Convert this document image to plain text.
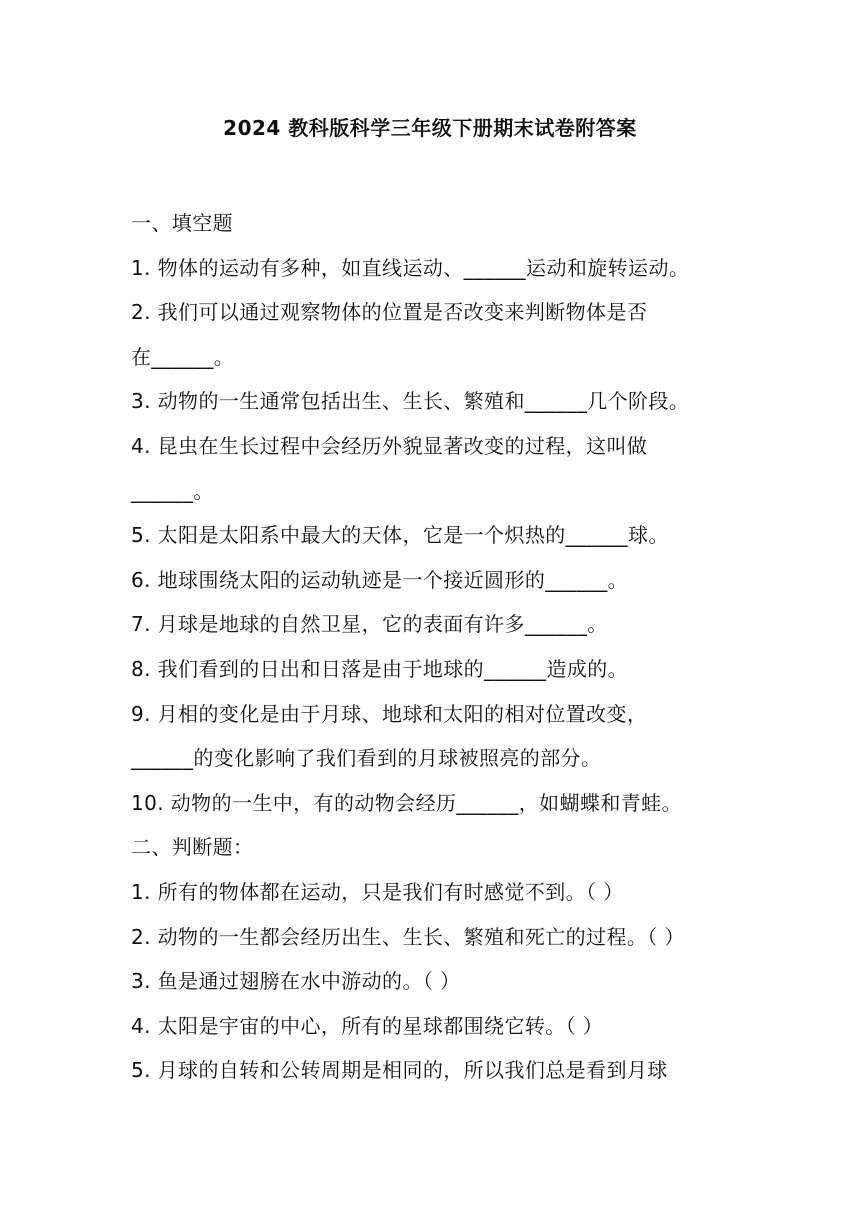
2024 教科版科学三年级下册期末试卷附答案
一、填空题
1. 物体的运动有多种，如直线运动、______运动和旋转运动。
2. 我们可以通过观察物体的位置是否改变来判断物体是否
在______。
3. 动物的一生通常包括出生、生长、繁殖和______几个阶段。
4. 昆虫在生长过程中会经历外貌显著改变的过程，这叫做
______。
5. 太阳是太阳系中最大的天体，它是一个炽热的______球。
6. 地球围绕太阳的运动轨迹是一个接近圆形的______。
7. 月球是地球的自然卫星，它的表面有许多______。
8. 我们看到的日出和日落是由于地球的______造成的。
9. 月相的变化是由于月球、地球和太阳的相对位置改变，
______的变化影响了我们看到的月球被照亮的部分。
10. 动物的一生中，有的动物会经历______，如蝴蝶和青蛙。
二、判断题：
1. 所有的物体都在运动，只是我们有时感觉不到。（ ）
2. 动物的一生都会经历出生、生长、繁殖和死亡的过程。（ ）
3. 鱼是通过翅膀在水中游动的。（ ）
4. 太阳是宇宙的中心，所有的星球都围绕它转。（ ）
5. 月球的自转和公转周期是相同的，所以我们总是看到月球
